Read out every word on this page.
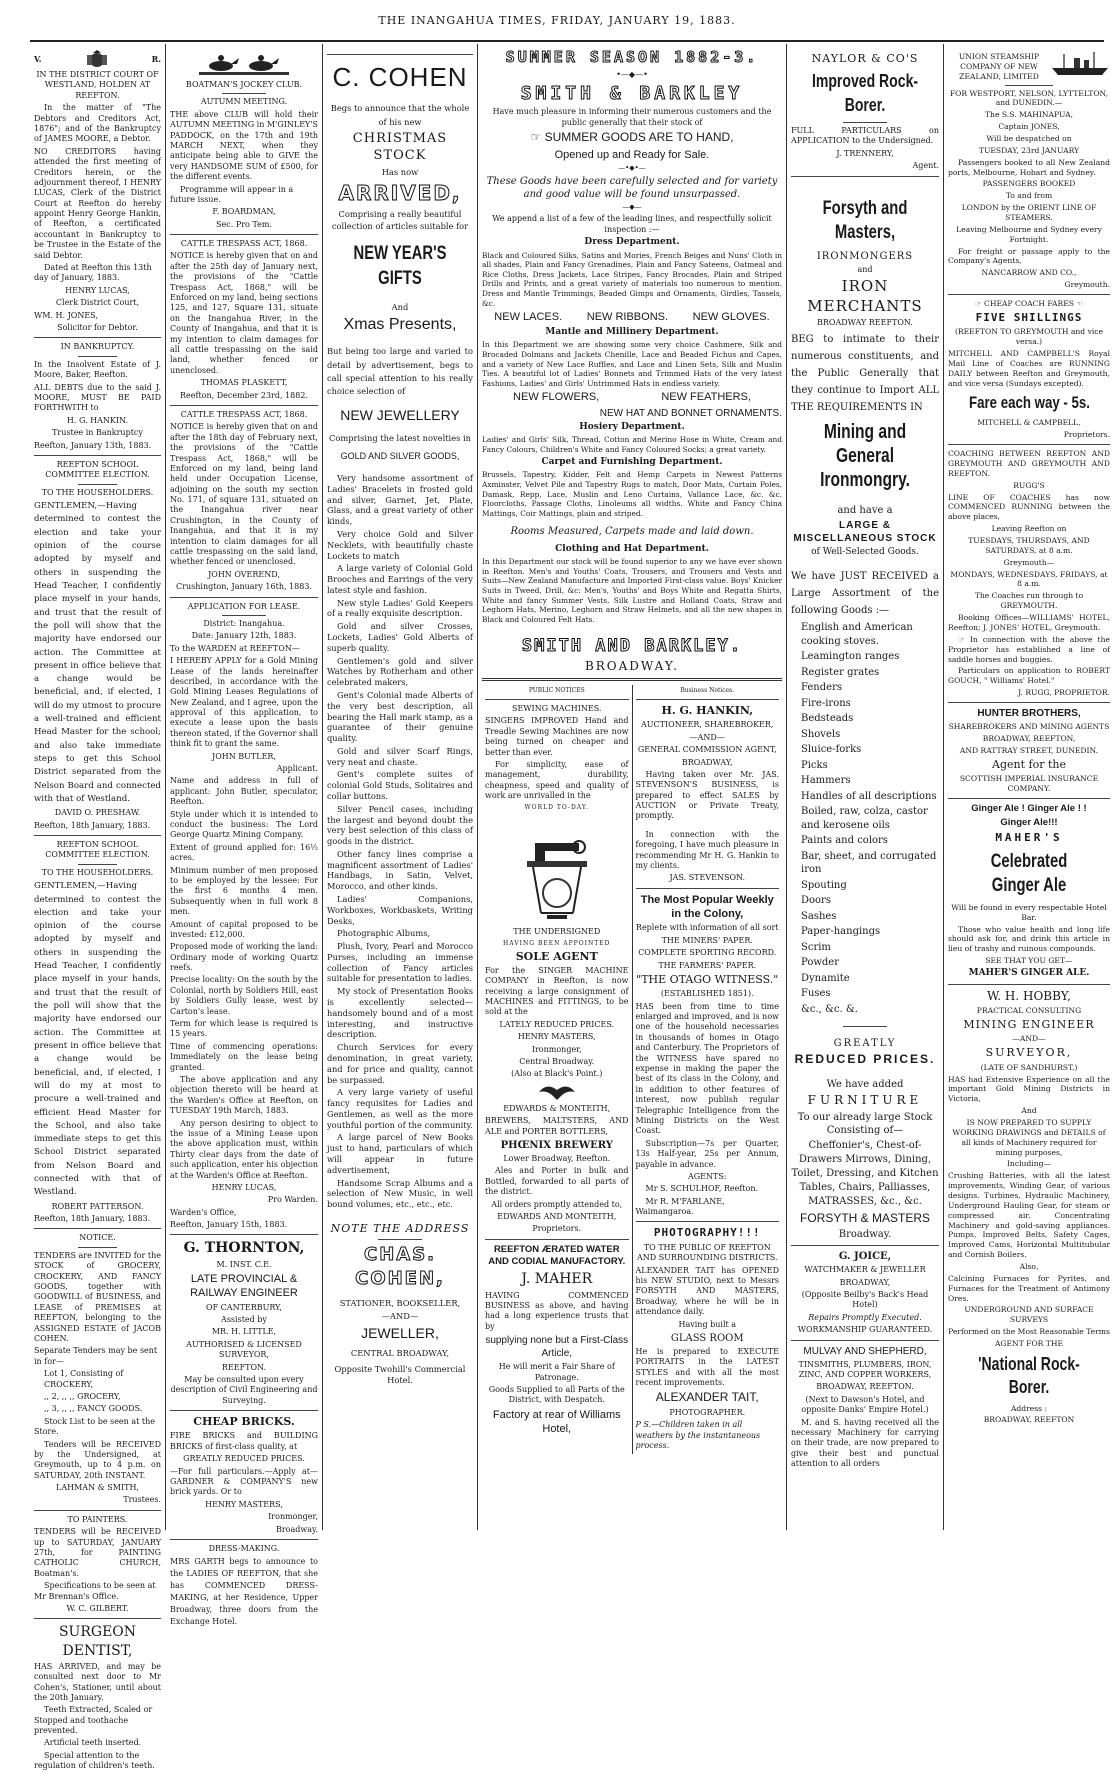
THE INANGAHUA TIMES, FRIDAY, JANUARY 19, 1883.
V.	R.

IN THE DISTRICT COURT OF WESTLAND, HOLDEN AT REEFTON.

In the matter of "The Debtors and Creditors Act, 1876"; and of the Bankruptcy of JAMES MOORE, a Debtor.

NO CREDITORS having attended the first meeting of Creditors herein, or the adjournment thereof, I HENRY LUCAS, Clerk of the District Court at Reefton do hereby appoint Henry George Hankin, of Reefton, a certificated accountant in Bankruptcy to be Trustee in the Estate of the said Debtor.

Dated at Reefton this 13th day of January, 1883.

HENRY LUCAS,

Clerk District Court,

WM. H. JONES,

Solicitor for Debtor.

IN BANKRUPTCY.

In the Insolvent Estate of J. Moore, Baker, Reefton.

ALL DEBTS due to the said J. MOORE, MUST BE PAID FORTHWITH to

H. G. HANKIN.

Trustee in Bankruptcy

Reefton, January 13th, 1883.

REEFTON SCHOOL COMMITTEE ELECTION.

TO THE HOUSEHOLDERS.

GENTLEMEN,—Having determined to contest the election and take your opinion of the course adopted by myself and others in suspending the Head Teacher, I confidently place myself in your hands, and trust that the result of the poll will show that the majority have endorsed our action. The Committee at present in office believe that a change would be beneficial, and, if elected, I will do my utmost to procure a well-trained and efficient Head Master for the school; and also take immediate steps to get this School District separated from the Nelson Board and connected with that of Westland.

DAVID O. PRESHAW.

Reefton, 18th January, 1883.

REEFTON SCHOOL COMMITTEE ELECTION.

TO THE HOUSEHOLDERS.

GENTLEMEN,—Having determined to contest the election and take your opinion of the course adopted by myself and others in suspending the Head Teacher, I confidently place myself in your hands, and trust that the result of the poll will show that the majority have endorsed our action. The Committee at present in office believe that a change would be beneficial, and, if elected, I will do my at most to procure a well-trained and efficient Head Master for the School, and also take immediate steps to get this School District separated from Nelson Board and connected with that of Westland.

ROBERT PATTERSON.

Reefton, 18th January, 1883.

NOTICE.

TENDERS are INVITED for the STOCK of GROCERY, CROCKERY, AND FANCY GOODS, together with GOODWILL of BUSINESS, and LEASE of PREMISES at REEFTON, belonging to the ASSIGNED ESTATE of JACOB COHEN.

Separate Tenders may be sent in for—

Lot 1, Consisting of CROCKERY,

,, 2, ,, ,, GROCERY,

,, 3, ,, ,, FANCY GOODS.

Stock List to be seen at the Store.

Tenders will be RECEIVED by the Undersigned, at Greymouth, up to 4 p.m. on SATURDAY, 20th INSTANT.

LAHMAN & SMITH,

Trustees.

TO PAINTERS.

TENDERS will be RECEIVED up to SATURDAY, JANUARY 27th, for PAINTING CATHOLIC CHURCH, Boatman's.

Specifications to be seen at Mr Brennan's Office.

W. C. GILBERT.

SURGEON DENTIST,

HAS ARRIVED, and may be consulted next door to Mr Cohen's, Stationer, until about the 20th January.

Teeth Extracted, Scaled or Stopped and toothache prevented.

Artificial teeth inserted.

Special attention to the regulation of children's teeth.

BOATMAN'S JOCKEY CLUB.

AUTUMN MEETING.

THE above CLUB will hold their AUTUMN MEETING in M'GINLEY'S PADDOCK, on the 17th and 19th MARCH NEXT, when they anticipate being able to GIVE the very HANDSOME SUM of £500, for the different events.

Programme will appear in a future issue.

F. BOARDMAN,

Sec. Pro Tem.

CATTLE TRESPASS ACT, 1868.

NOTICE is hereby given that on and after the 25th day of January next, the provisions of the "Cattle Trespass Act, 1868," will be Enforced on my land, being sections 125, and 127, Square 131, situate on the Inangahua River, in the County of Inangahua, and that it is my intention to claim damages for all cattle trespassing on the said land, whether fenced or unenclosed.

THOMAS PLASKETT,

Reefton, December 23rd, 1882.

CATTLE TRESPASS ACT, 1868.

NOTICE is hereby given that on and after the 18th day of February next, the provisions of the "Cattle Trespass Act, 1868," will be Enforced on my land, being land held under Occupation License, adjoining on the south my section No. 171, of square 131, situated on the Inangahua river near Crushington, in the County of Inangahua, and that it is my intention to claim damages for all cattle trespassing on the said land, whether fenced or unenclosed.

JOHN OVEREND,

Crushington, January 16th, 1883.

APPLICATION FOR LEASE.

District: Inangahua.

Date: January 12th, 1883.

To the WARDEN at REEFTON—

I HEREBY APPLY for a Gold Mining Lease of the lands hereinafter described, in accordance with the Gold Mining Leases Regulations of New Zealand, and I agree, upon the approval of this application, to execute a lease upon the basis thereon stated, if the Governor shall think fit to grant the same.

JOHN BUTLER,

Applicant.

Name and address in full of applicant: John Butler, speculator, Reefton.

Style under which it is intended to conduct the business: The Lord George Quartz Mining Company.

Extent of ground applied for: 16½ acres.

Minimum number of men proposed to be employed by the lessee: For the first 6 months 4 men. Subsequently when in full work 8 men.

Amount of capital proposed to be invested: £12,000.

Proposed mode of working the land: Ordinary mode of working Quartz reefs.

Precise locality: On the south by the Colonial, north by Soldiers Hill, east by Soldiers Gully lease, west by Carton's lease.

Term for which lease is required is 15 years.

Time of commencing operations: Immediately on the lease being granted.

The above application and any objection thereto will be heard at the Warden's Office at Reefton, on TUESDAY 19th March, 1883.

Any person desiring to object to the issue of a Mining Lease upon the above application must, within Thirty clear days from the date of such application, enter his objection at the Warden's Office at Reefton.

HENRY LUCAS,

Pro Warden.

Warden's Office,

Reefton, January 15th, 1883.

G. THORNTON,

M. INST. C.E.

LATE PROVINCIAL & RAILWAY ENGINEER

OF CANTERBURY,

Assisted by

MR. H. LITTLE,

AUTHORISED & LICENSED SURVEYOR,

REEFTON.

May be consulted upon every description of Civil Engineering and Surveying.

CHEAP BRICKS.

FIRE BRICKS and BUILDING BRICKS of first-class quality, at

GREATLY REDUCED PRICES.

—For full particulars.—Apply at—GARDNER & COMPANY'S new brick yards. Or to

HENRY MASTERS,

Ironmonger,

Broadway.

DRESS-MAKING.

MRS GARTH begs to announce to the LADIES OF REEFTON, that she has COMMENCED DRESS-MAKING, at her Residence, Upper Broadway, three doors from the Exchange Hotel.

C. COHEN

Begs to announce that the whole of his new

CHRISTMAS STOCK

Has now

ARRIVED,

Comprising a really beautiful collection of articles suitable for

NEW YEAR'S GIFTS

And

Xmas Presents,

But being too large and varied to detail by advertisement, begs to call special attention to his really choice selection of

NEW JEWELLERY

Comprising the latest novelties in

GOLD AND SILVER GOODS,

Very handsome assortment of Ladies' Bracelets in frosted gold and silver, Garnet, Jet, Plate, Glass, and a great variety of other kinds,

Very choice Gold and Silver Necklets, with beautifully chaste Lockets to match

A large variety of Colonial Gold Brooches and Earrings of the very latest style and fashion.

New style Ladies' Gold Keepers of a really exquisite description.

Gold and silver Crosses, Lockets, Ladies' Gold Alberts of superb quality.

Gentlemen's gold and silver Watches by Rotherham and other celebrated makers,

Gent's Colonial made Alberts of the very best description, all bearing the Hall mark stamp, as a guarantee of their genuine quality.

Gold and silver Scarf Rings, very neat and chaste.

Gent's complete suites of colonial Gold Studs, Solitaires and collar buttons.

Silver Pencil cases, including the largest and beyond doubt the very best selection of this class of goods in the district.

Other fancy lines comprise a magnificent assortment of Ladies' Handbags, in Satin, Velvet, Morocco, and other kinds.

Ladies' Companions, Workboxes, Workbaskets, Writing Desks,

Photographic Albums,

Plush, Ivory, Pearl and Morocco Purses, including an immense collection of Fancy articles suitable for presentation to ladies.

My stock of Presentation Books is excellently selected—handsomely bound and of a most interesting, and instructive description.

Church Services for every denomination, in great variety, and for price and quality, cannot be surpassed.

A very large variety of useful fancy requisites for Ladies and Gentlemen, as well as the more youthful portion of the community.

A large parcel of New Books just to hand, particulars of which will appear in future advertisement,

Handsome Scrap Albums and a selection of New Music, in well bound volumes, etc., etc., etc.

NOTE THE ADDRESS

CHAS. COHEN,

STATIONER, BOOKSELLER,

—AND—

JEWELLER,

CENTRAL BROADWAY,

Opposite Twohill's Commercial Hotel.

SUMMER SEASON 1882-3.

•—◆—•

SMITH & BARKLEY

Have much pleasure in informing their numerous customers and the public generally that their stock of

☞ SUMMER GOODS ARE TO HAND,

Opened up and Ready for Sale.

—•◆•—

These Goods have been carefully selected and for variety and good value will be found unsurpassed.

—◆—

We append a list of a few of the leading lines, and respectfully solicit inspection :—

Dress Department.

Black and Coloured Silks, Satins and Mories, French Beiges and Nuns' Cloth in all shades, Plain and Fancy Grenadines, Plain and Fancy Sateens, Oatmeal and Rice Cloths, Dress Jackets, Lace Stripes, Fancy Brocades, Plain and Striped Drills and Prints, and a great variety of materials too numerous to mention. Dress and Mantle Trimmings, Beaded Gimps and Ornaments, Girdles, Tassels, &c.

NEW LACES. NEW RIBBONS. NEW GLOVES.

Mantle and Millinery Department.

In this Department we are showing some very choice Cashmere, Silk and Brocaded Dolmans and Jackets Chenille, Lace and Beaded Fichus and Capes, and a variety of New Lace Ruffles, and Lace and Linen Sets, Silk and Muslin Ties. A beautiful lot of Ladies' Bonnets and Trimmed Hats of the very latest Fashions, Ladies' and Girls' Untrimmed Hats in endless variety.

NEW FLOWERS,	NEW FEATHERS,

NEW HAT AND BONNET ORNAMENTS.

Hosiery Department.

Ladies' and Girls' Silk, Thread, Cotton and Merino Hose in White, Cream and Fancy Colours, Children's White and Fancy Coloured Socks; a great variety.

Carpet and Furnishing Department.

Brussels, Tapestry, Kidder, Felt and Hemp Carpets in Newest Patterns Axminster, Velvet Pile and Tapestry Rugs to match, Door Mats, Curtain Poles, Damask, Repp, Lace, Muslin and Leno Curtains, Vallance Lace, &c. &c. Floorcloths, Passage Cloths, Linoleums all widths. White and Fancy China Mattings, Coir Mattings, plain and striped.

Rooms Measured, Carpets made and laid down.

Clothing and Hat Department.

In this Department our stock will be found superior to any we have ever shown in Reefton. Men's and Youths' Coats, Trousers, and Trousers and Vests and Suits—New Zealand Manufacture and Imported First-class value. Boys' Knicker Suits in Tweed, Drill, &c: Men's, Youths' and Boys White and Regatta Shirts, White and fancy Summer Vests, Silk Lustre and Holland Coats, Straw and Leghorn Hats, Merino, Leghorn and Straw Helmets, and all the new shapes in Black and Coloured Felt Hats.

SMITH AND BARKLEY.

BROADWAY.

PUBLIC NOTICES

SEWING MACHINES.

SINGERS IMPROVED Hand and Treadle Sewing Machines are now being turned on cheaper and better than ever.

For simplicity, ease of management, durability, cheapness, speed and quality of work are unrivalled in the

WORLD TO-DAY.

THE UNDERSIGNED

HAVING BEEN APPOINTED

SOLE AGENT

For the SINGER MACHINE COMPANY in Reefton, is now receiving a large consignment of MACHINES and FITTINGS, to be sold at the

LATELY REDUCED PRICES.

HENRY MASTERS,

Ironmonger,

Central Broadway.

(Also at Black's Point.)

EDWARDS & MONTEITH,

BREWERS, MALTSTERS, AND ALE and PORTER BOTTLERS,

PHŒNIX BREWERY

Lower Broadway, Reefton.

Ales and Porter in bulk and Bottled, forwarded to all parts of the district.

All orders promptly attended to,

EDWARDS AND MONTEITH,

Proprietors.

REEFTON ÆRATED WATER AND CODIAL MANUFACTORY.

J. MAHER

HAVING COMMENCED BUSINESS as above, and having had a long experience trusts that by

supplying none but a First-Class Article,

He will merit a Fair Share of Patronage.

Goods Supplied to all Parts of the District, with Despatch.

Factory at rear of Williams Hotel,

Business Notices.

H. G. HANKIN,

AUCTIONEER, SHAREBROKER,

—AND—

GENERAL COMMISSION AGENT,

BROADWAY,

Having taken over Mr. JAS. STEVENSON'S BUSINESS, is prepared to effect SALES by AUCTION or Private Treaty, promptly.

In connection with the foregoing, I have much pleasure in recommending Mr H. G. Hankin to my clients.

JAS. STEVENSON.

The Most Popular Weekly in the Colony,

Replete with information of all sort

THE MINERS' PAPER.

COMPLETE SPORTING RECORD.

THE FARMERS' PAPER.

"THE OTAGO WITNESS."

(ESTABLISHED 1851).

HAS been from time to time enlarged and improved, and is now one of the household necessaries in thousands of homes in Otago and Canterbury. The Proprietors of the WITNESS have spared no expense in making the paper the best of its class in the Colony, and in addition to other features of interest, now publish regular Telegraphic Intelligence from the Mining Districts on the West Coast.

Subscription—7s per Quarter, 13s Half-year, 25s per Annum, payable in advance.

AGENTS:

Mr S. SCHULHOF, Reefton.

Mr R. M'FARLANE, Waimangaroa.

PHOTOGRAPHY!!!

TO THE PUBLIC OF REEFTON AND SURROUNDING DISTRICTS.

ALEXANDER TAIT has OPENED his NEW STUDIO, next to Messrs FORSYTH AND MASTERS, Broadway, where he will be in attendance daily.

Having built a

GLASS ROOM

He is prepared to EXECUTE PORTRAITS in the LATEST STYLES and with all the most recent improvements.

ALEXANDER TAIT,

PHOTOGRAPHER.

P S.—Children taken in all weathers by the instantaneous process.

NAYLOR & CO'S

Improved Rock-Borer.

FULL PARTICULARS on APPLICATION to the Undersigned.

J. TRENNERY,

Agent.

Forsyth and Masters,

IRONMONGERS

and

IRON MERCHANTS

BROADWAY REEFTON.

BEG to intimate to their numerous constituents, and the Public Generally that they continue to Import ALL THE REQUIREMENTS IN

Mining and General Ironmongry.

and have a

LARGE & MISCELLANEOUS STOCK

of Well-Selected Goods.

We have JUST RECEIVED a Large Assortment of the following Goods :—

English and American cooking stoves.

Leamington ranges

Register grates

Fenders

Fire-irons

Bedsteads

Shovels

Sluice-forks

Picks

Hammers

Handles of all descriptions

Boiled, raw, colza, castor and kerosene oils

Paints and colors

Bar, sheet, and corrugated iron

Spouting

Doors

Sashes

Paper-hangings

Scrim

Powder

Dynamite

Fuses

&c., &c. &.

GREATLY

REDUCED PRICES.

We have added

FURNITURE

To our already large Stock Consisting of—

Cheffonier's, Chest-of-Drawers Mirrows, Dining, Toilet, Dressing, and Kitchen Tables, Chairs, Palliasses, MATRASSES, &c., &c.

FORSYTH & MASTERS

Broadway.

G. JOICE,

WATCHMAKER & JEWELLER

BROADWAY,

(Opposite Beilby's Back's Head Hotel)

Repairs Promptly Executed.

WORKMANSHIP GUARANTEED.

MULVAY AND SHEPHERD,

TINSMITHS, PLUMBERS, IRON, ZINC, AND COPPER WORKERS,

BROADWAY, REEFTON.

(Next to Dawson's Hotel, and opposite Danks' Empire Hotel.)

M. and S. having received all the necessary Machinery for carrying on their trade, are now prepared to give their best and punctual attention to all orders

UNION STEAMSHIP COMPANY OF NEW ZEALAND, LIMITED

FOR WESTPORT, NELSON, LYTTELTON, and DUNEDIN.—

The S.S. MAHINAPUA,

Captain JONES,

Will be despatched on

TUESDAY, 23rd JANUARY

Passengers booked to all New Zealand ports, Melbourne, Hobart and Sydney.

PASSENGERS BOOKED

To and from

LONDON by the ORIENT LINE OF STEAMERS.

Leaving Melbourne and Sydney every Fortnight.

For freight or passage apply to the Company's Agents,

NANCARROW AND CO.,

Greymouth.

☞ CHEAP COACH FARES ☜

FIVE SHILLINGS

(REEFTON TO GREYMOUTH and vice versa.)

MITCHELL AND CAMPBELL'S Royal Mail Line of Coaches are RUNNING DAILY between Reefton and Greymouth, and vice versa (Sundays excepted).

Fare each way - 5s.

MITCHELL & CAMPBELL,

Proprietors.

COACHING BETWEEN REEFTON AND GREYMOUTH AND GREYMOUTH AND REEFTON.

RUGG'S

LINE OF COACHES has now COMMENCED RUNNING between the above places,

Leaving Reefton on

TUESDAYS, THURSDAYS, AND SATURDAYS, at 8 a.m.

Greymouth—

MONDAYS, WEDNESDAYS, FRIDAYS, at 8 a.m.

The Coaches run through to GREYMOUTH.

Booking Offices—WILLIAMS' HOTEL, Reefton; J. JONES' HOTEL, Greymouth.

☞ In connection with the above the Proprietor has established a line of saddle horses and buggies.

Particulars on application to ROBERT GOUCH, " Williams' Hotel."

J. RUGG, PROPRIETOR.

HUNTER BROTHERS,

SHAREBROKERS AND MINING AGENTS

BROADWAY, REEFTON,

AND RATTRAY STREET, DUNEDIN.

Agent for the

SCOTTISH IMPERIAL INSURANCE COMPANY.

Ginger Ale ! Ginger Ale ! !

Ginger Ale!!!

MAHER'S

Celebrated Ginger Ale

Will be found in every respectable Hotel Bar.

Those who value health and long life should ask for, and drink this article in lieu of trashy and ruinous compounds.

SEE THAT YOU GET—

MAHER'S GINGER ALE.

W. H. HOBBY,

PRACTICAL CONSULTING

MINING ENGINEER

—AND—

SURVEYOR,

(LATE OF SANDHURST.)

HAS had Extensive Experience on all the important Gold Mining Districts in Victoria,

And

IS NOW PREPARED TO SUPPLY WORKING DRAWINGS and DETAILS of all kinds of Machinery required for mining purposes,

Including—

Crushing Batteries, with all the latest improvements, Winding Gear, of various designs. Turbines, Hydraulic Machinery, Underground Hauling Gear, for steam or compressed air. Concentrating Machinery and gold-saving appliances. Pumps, Improved Belts, Safety Cages, Improved Cams, Horizontal Multitubular and Cornish Boilers.

Also,

Calcining Furnaces for Pyrites, and Furnaces for the Treatment of Antimony Ores.

UNDERGROUND AND SURFACE SURVEYS

Performed on the Most Reasonable Terms

AGENT FOR THE

'National Rock-Borer.

Address :

BROADWAY, REEFTON
